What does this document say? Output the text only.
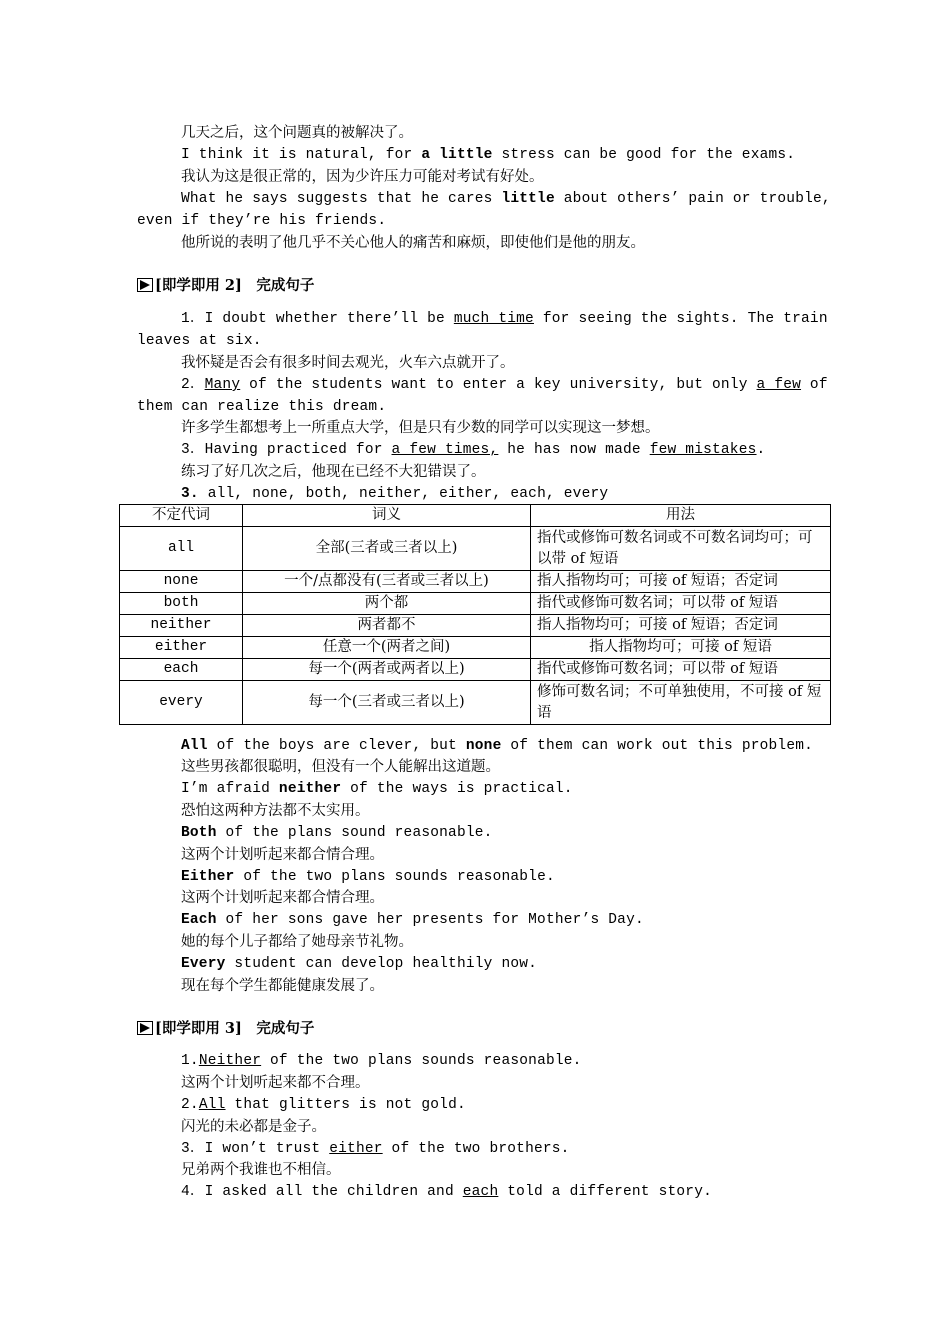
几天之后，这个问题真的被解决了。
I think it is natural, for a little stress can be good for the exams.
我认为这是很正常的，因为少许压力可能对考试有好处。
What he says suggests that he cares little about others’ pain or trouble,
even if they’re his friends.
他所说的表明了他几乎不关心他人的痛苦和麻烦，即使他们是他的朋友。
[即学即用 2]　完成句子
1．I doubt whether there’ll be much time for seeing the sights. The train
leaves at six.
我怀疑是否会有很多时间去观光，火车六点就开了。
2．Many of the students want to enter a key university, but only a few of
them can realize this dream.
许多学生都想考上一所重点大学，但是只有少数的同学可以实现这一梦想。
3．Having practiced for a few times, he has now made few mistakes.
练习了好几次之后，他现在已经不大犯错误了。
3. all, none, both, neither, either, each, every
不定代词	词义	用法
all	全部(三者或三者以上)	指代或修饰可数名词或不可数名词均可；可以带 of 短语
none	一个/点都没有(三者或三者以上)	指人指物均可；可接 of 短语；否定词
both	两个都	指代或修饰可数名词；可以带 of 短语
neither	两者都不	指人指物均可；可接 of 短语；否定词
either	任意一个(两者之间)	指人指物均可；可接 of 短语
each	每一个(两者或两者以上)	指代或修饰可数名词；可以带 of 短语
every	每一个(三者或三者以上)	修饰可数名词；不可单独使用，不可接 of 短语
All of the boys are clever, but none of them can work out this problem.
这些男孩都很聪明，但没有一个人能解出这道题。
I’m afraid neither of the ways is practical.
恐怕这两种方法都不太实用。
Both of the plans sound reasonable.
这两个计划听起来都合情合理。
Either of the two plans sounds reasonable.
这两个计划听起来都合情合理。
Each of her sons gave her presents for Mother’s Day.
她的每个儿子都给了她母亲节礼物。
Every student can develop healthily now.
现在每个学生都能健康发展了。
[即学即用 3]　完成句子
1.Neither of the two plans sounds reasonable.
这两个计划听起来都不合理。
2.All that glitters is not gold.
闪光的未必都是金子。
3．I won’t trust either of the two brothers.
兄弟两个我谁也不相信。
4．I asked all the children and each told a different story.
